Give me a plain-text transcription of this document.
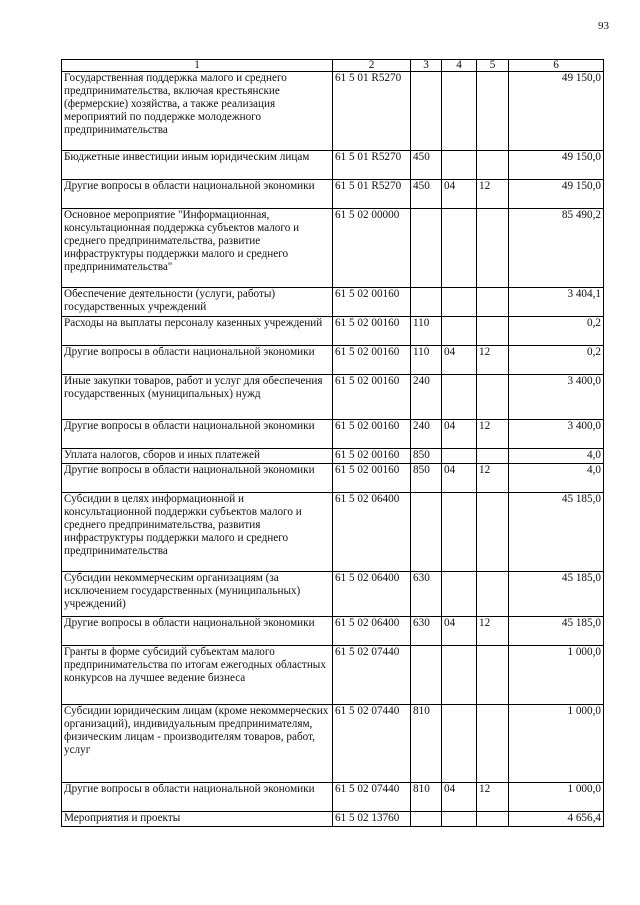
93
1	2	3	4	5	6
Государственная поддержка малого и среднего предпринимательства, включая крестьянские (фермерские) хозяйства, а также реализация мероприятий по поддержке молодежного предпринимательства	61 5 01 R5270				49 150,0
Бюджетные инвестиции иным юридическим лицам	61 5 01 R5270	450			49 150,0
Другие вопросы в области национальной экономики	61 5 01 R5270	450	04	12	49 150,0
Основное мероприятие "Информационная, консультационная поддержка субъектов малого и среднего предпринимательства, развитие инфраструктуры поддержки малого и среднего предпринимательства"	61 5 02 00000				85 490,2
Обеспечение деятельности (услуги, работы) государственных учреждений	61 5 02 00160				3 404,1
Расходы на выплаты персоналу казенных учреждений	61 5 02 00160	110			0,2
Другие вопросы в области национальной экономики	61 5 02 00160	110	04	12	0,2
Иные закупки товаров, работ и услуг для обеспечения государственных (муниципальных) нужд	61 5 02 00160	240			3 400,0
Другие вопросы в области национальной экономики	61 5 02 00160	240	04	12	3 400,0
Уплата налогов, сборов и иных платежей	61 5 02 00160	850			4,0
Другие вопросы в области национальной экономики	61 5 02 00160	850	04	12	4,0
Субсидии в целях информационной и консультационной поддержки субъектов малого и среднего предпринимательства, развития инфраструктуры поддержки малого и среднего предпринимательства	61 5 02 06400				45 185,0
Субсидии некоммерческим организациям (за исключением государственных (муниципальных) учреждений)	61 5 02 06400	630			45 185,0
Другие вопросы в области национальной экономики	61 5 02 06400	630	04	12	45 185,0
Гранты в форме субсидий субъектам малого предпринимательства по итогам ежегодных областных конкурсов на лучшее ведение бизнеса	61 5 02 07440				1 000,0
Субсидии юридическим лицам (кроме некоммерческих организаций), индивидуальным предпринимателям, физическим лицам - производителям товаров, работ, услуг	61 5 02 07440	810			1 000,0
Другие вопросы в области национальной экономики	61 5 02 07440	810	04	12	1 000,0
Мероприятия и проекты	61 5 02 13760				4 656,4
